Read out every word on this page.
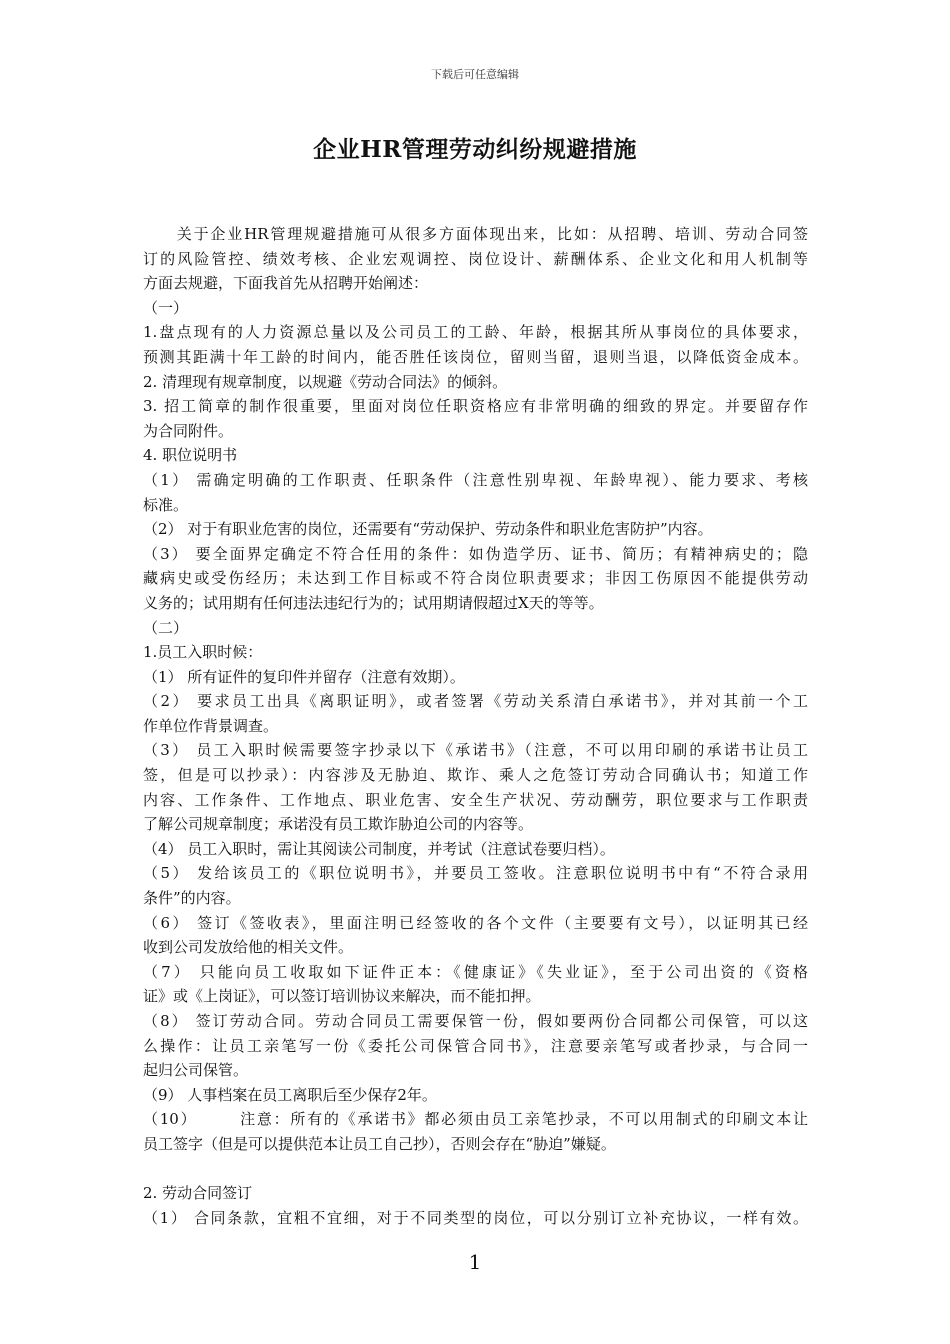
下载后可任意编辑
企业HR管理劳动纠纷规避措施
　　关于企业HR管理规避措施可从很多方面体现出来，比如：从招聘、培训、劳动合同签
订的风险管控、绩效考核、企业宏观调控、岗位设计、薪酬体系、企业文化和用人机制等
方面去规避，下面我首先从招聘开始阐述：
（一）
1.盘点现有的人力资源总量以及公司员工的工龄、年龄，根据其所从事岗位的具体要求，
预测其距满十年工龄的时间内，能否胜任该岗位，留则当留，退则当退，以降低资金成本。
2. 清理现有规章制度，以规避《劳动合同法》的倾斜。
3. 招工简章的制作很重要，里面对岗位任职资格应有非常明确的细致的界定。并要留存作
为合同附件。
4. 职位说明书
（1） 需确定明确的工作职责、任职条件（注意性别卑视、年龄卑视）、能力要求、考核
标准。
（2） 对于有职业危害的岗位，还需要有“劳动保护、劳动条件和职业危害防护”内容。
（3） 要全面界定确定不符合任用的条件：如伪造学历、证书、简历；有精神病史的；隐
藏病史或受伤经历；未达到工作目标或不符合岗位职责要求；非因工伤原因不能提供劳动
义务的；试用期有任何违法违纪行为的；试用期请假超过X天的等等。
（二）
1.员工入职时候：
（1） 所有证件的复印件并留存（注意有效期）。
（2） 要求员工出具《离职证明》，或者签署《劳动关系清白承诺书》，并对其前一个工
作单位作背景调查。
（3） 员工入职时候需要签字抄录以下《承诺书》（注意，不可以用印刷的承诺书让员工
签，但是可以抄录）：内容涉及无胁迫、欺诈、乘人之危签订劳动合同确认书；知道工作
内容、工作条件、工作地点、职业危害、安全生产状况、劳动酬劳，职位要求与工作职责
了解公司规章制度；承诺没有员工欺诈胁迫公司的内容等。
（4） 员工入职时，需让其阅读公司制度，并考试（注意试卷要归档）。
（5） 发给该员工的《职位说明书》，并要员工签收。注意职位说明书中有“不符合录用
条件”的内容。
（6） 签订《签收表》，里面注明已经签收的各个文件（主要要有文号），以证明其已经
收到公司发放给他的相关文件。
（7） 只能向员工收取如下证件正本：《健康证》《失业证》，至于公司出资的《资格
证》或《上岗证》，可以签订培训协议来解决，而不能扣押。
（8） 签订劳动合同。劳动合同员工需要保管一份，假如要两份合同都公司保管，可以这
么操作：让员工亲笔写一份《委托公司保管合同书》，注意要亲笔写或者抄录，与合同一
起归公司保管。
（9） 人事档案在员工离职后至少保存2年。
（10）　　　注意：所有的《承诺书》都必须由员工亲笔抄录，不可以用制式的印刷文本让
员工签字（但是可以提供范本让员工自己抄），否则会存在“胁迫”嫌疑。
2. 劳动合同签订
（1） 合同条款，宜粗不宜细，对于不同类型的岗位，可以分别订立补充协议，一样有效。
1
